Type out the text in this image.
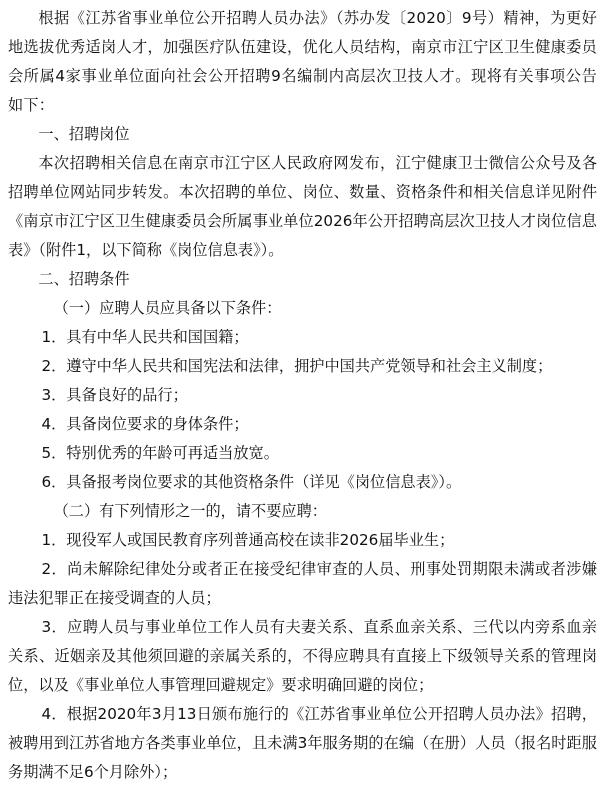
根据《江苏省事业单位公开招聘人员办法》（苏办发〔2020〕9号）精神，为更好地选拔优秀适岗人才，加强医疗队伍建设，优化人员结构，南京市江宁区卫生健康委员会所属4家事业单位面向社会公开招聘9名编制内高层次卫技人才。现将有关事项公告如下：

一、招聘岗位

本次招聘相关信息在南京市江宁区人民政府网发布，江宁健康卫士微信公众号及各招聘单位网站同步转发。本次招聘的单位、岗位、数量、资格条件和相关信息详见附件《南京市江宁区卫生健康委员会所属事业单位2026年公开招聘高层次卫技人才岗位信息表》（附件1，以下简称《岗位信息表》）。

二、招聘条件

（一）应聘人员应具备以下条件：

1．具有中华人民共和国国籍；

2．遵守中华人民共和国宪法和法律，拥护中国共产党领导和社会主义制度；

3．具备良好的品行；

4．具备岗位要求的身体条件；

5．特别优秀的年龄可再适当放宽。

6．具备报考岗位要求的其他资格条件（详见《岗位信息表》）。

（二）有下列情形之一的，请不要应聘：

1．现役军人或国民教育序列普通高校在读非2026届毕业生；

2．尚未解除纪律处分或者正在接受纪律审查的人员、刑事处罚期限未满或者涉嫌违法犯罪正在接受调查的人员；

3．应聘人员与事业单位工作人员有夫妻关系、直系血亲关系、三代以内旁系血亲关系、近姻亲及其他须回避的亲属关系的，不得应聘具有直接上下级领导关系的管理岗位，以及《事业单位人事管理回避规定》要求明确回避的岗位；

4．根据2020年3月13日颁布施行的《江苏省事业单位公开招聘人员办法》招聘，被聘用到江苏省地方各类事业单位，且未满3年服务期的在编（在册）人员（报名时距服务期满不足6个月除外）；
